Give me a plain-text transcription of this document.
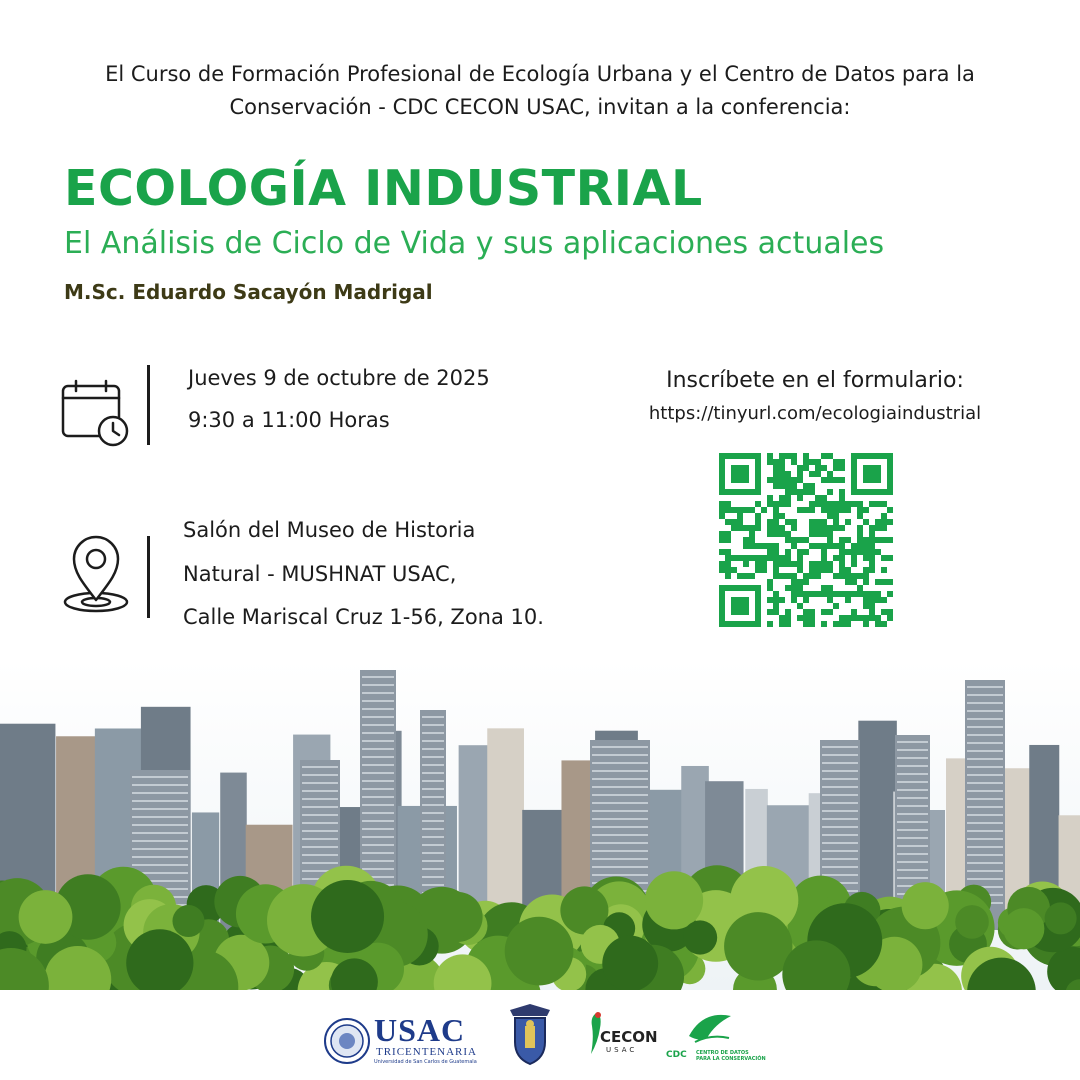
El Curso de Formación Profesional de Ecología Urbana y el Centro de Datos para la
Conservación - CDC CECON USAC, invitan a la conferencia:
ECOLOGÍA INDUSTRIAL
El Análisis de Ciclo de Vida y sus aplicaciones actuales
M.Sc. Eduardo Sacayón Madrigal
Jueves 9 de octubre de 2025
9:30 a 11:00 Horas
Salón del Museo de Historia
Natural - MUSHNAT USAC,
Calle Mariscal Cruz 1-56, Zona 10.
Inscríbete en el formulario:
https://tinyurl.com/ecologiaindustrial
USAC
TRICENTENARIA
Universidad de San Carlos de Guatemala
CECON
USAC	CDC CENTRO DE DATOS
PARA LA CONSERVACIÓN
